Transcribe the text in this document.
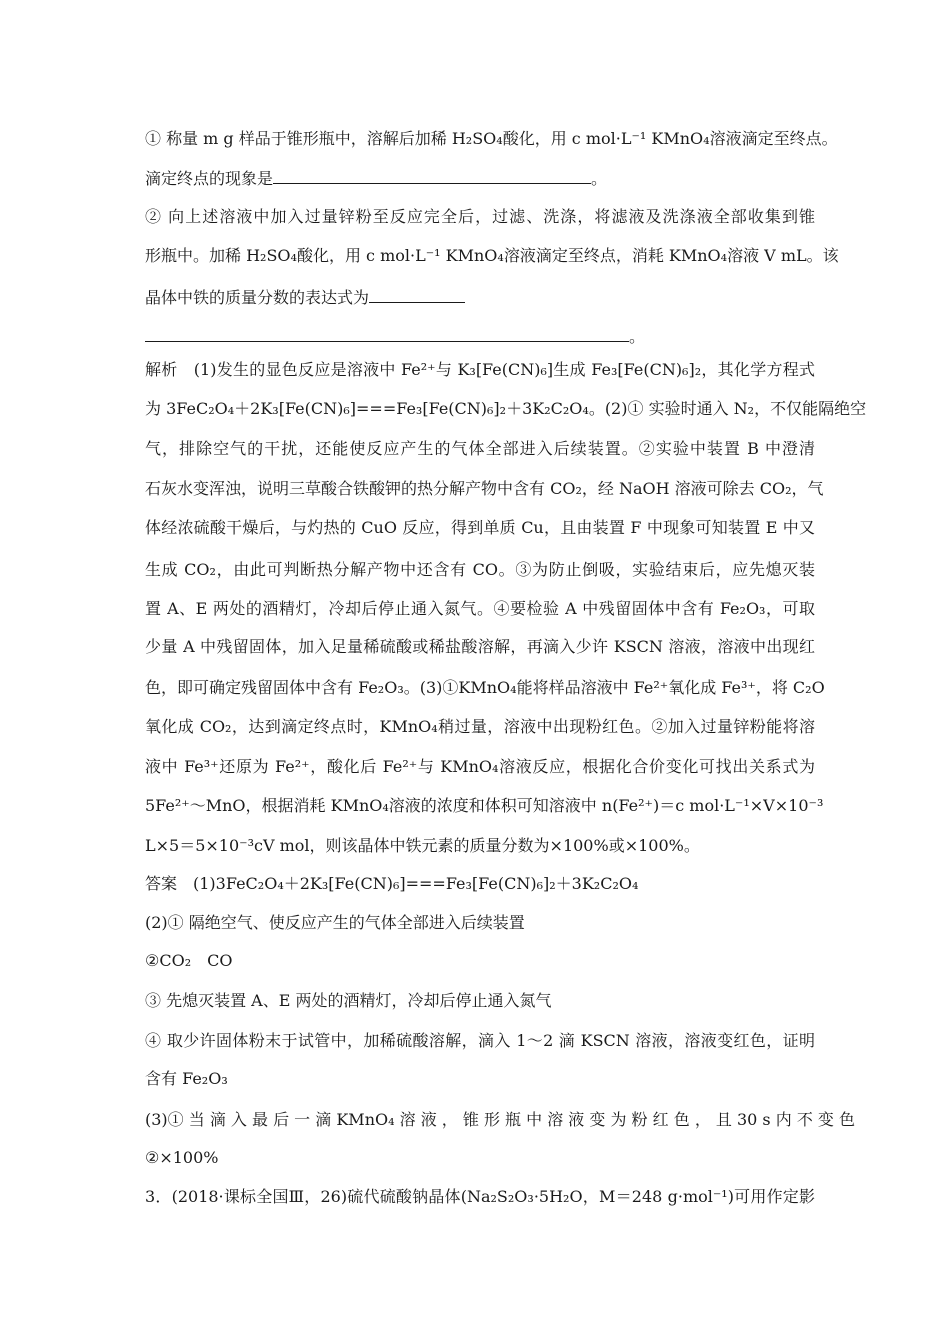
① 称量 m g 样品于锥形瓶中，溶解后加稀 H₂SO₄酸化，用 c mol·L⁻¹ KMnO₄溶液滴定至终点。
滴定终点的现象是	。
② 向上述溶液中加入过量锌粉至反应完全后，过滤、洗涤，将滤液及洗涤液全部收集到锥
形瓶中。加稀 H₂SO₄酸化，用 c mol·L⁻¹ KMnO₄溶液滴定至终点，消耗 KMnO₄溶液 V mL。该
晶体中铁的质量分数的表达式为
。
解析　(1)发生的显色反应是溶液中 Fe²⁺与 K₃[Fe(CN)₆]生成 Fe₃[Fe(CN)₆]₂，其化学方程式
为 3FeC₂O₄＋2K₃[Fe(CN)₆]===Fe₃[Fe(CN)₆]₂＋3K₂C₂O₄。(2)① 实验时通入 N₂，不仅能隔绝空
气，排除空气的干扰，还能使反应产生的气体全部进入后续装置。②实验中装置 B 中澄清
石灰水变浑浊，说明三草酸合铁酸钾的热分解产物中含有 CO₂，经 NaOH 溶液可除去 CO₂，气
体经浓硫酸干燥后，与灼热的 CuO 反应，得到单质 Cu，且由装置 F 中现象可知装置 E 中又
生成 CO₂，由此可判断热分解产物中还含有 CO。③为防止倒吸，实验结束后，应先熄灭装
置 A、E 两处的酒精灯，冷却后停止通入氮气。④要检验 A 中残留固体中含有 Fe₂O₃，可取
少量 A 中残留固体，加入足量稀硫酸或稀盐酸溶解，再滴入少许 KSCN 溶液，溶液中出现红
色，即可确定残留固体中含有 Fe₂O₃。(3)①KMnO₄能将样品溶液中 Fe²⁺氧化成 Fe³⁺，将 C₂O
氧化成 CO₂，达到滴定终点时，KMnO₄稍过量，溶液中出现粉红色。②加入过量锌粉能将溶
液中 Fe³⁺还原为 Fe²⁺，酸化后 Fe²⁺与 KMnO₄溶液反应，根据化合价变化可找出关系式为
5Fe²⁺～MnO，根据消耗 KMnO₄溶液的浓度和体积可知溶液中 n(Fe²⁺)＝c mol·L⁻¹×V×10⁻³
L×5＝5×10⁻³cV mol，则该晶体中铁元素的质量分数为×100%或×100%。
答案　(1)3FeC₂O₄＋2K₃[Fe(CN)₆]===Fe₃[Fe(CN)₆]₂＋3K₂C₂O₄
(2)① 隔绝空气、使反应产生的气体全部进入后续装置
②CO₂　CO
③ 先熄灭装置 A、E 两处的酒精灯，冷却后停止通入氮气
④ 取少许固体粉末于试管中，加稀硫酸溶解，滴入 1～2 滴 KSCN 溶液，溶液变红色，证明
含有 Fe₂O₃
(3)① 当 滴 入 最 后 一 滴 KMnO₄ 溶 液 ， 锥 形 瓶 中 溶 液 变 为 粉 红 色 ， 且 30 s 内 不 变 色
②×100%
3．(2018·课标全国Ⅲ，26)硫代硫酸钠晶体(Na₂S₂O₃·5H₂O，M＝248 g·mol⁻¹)可用作定影
